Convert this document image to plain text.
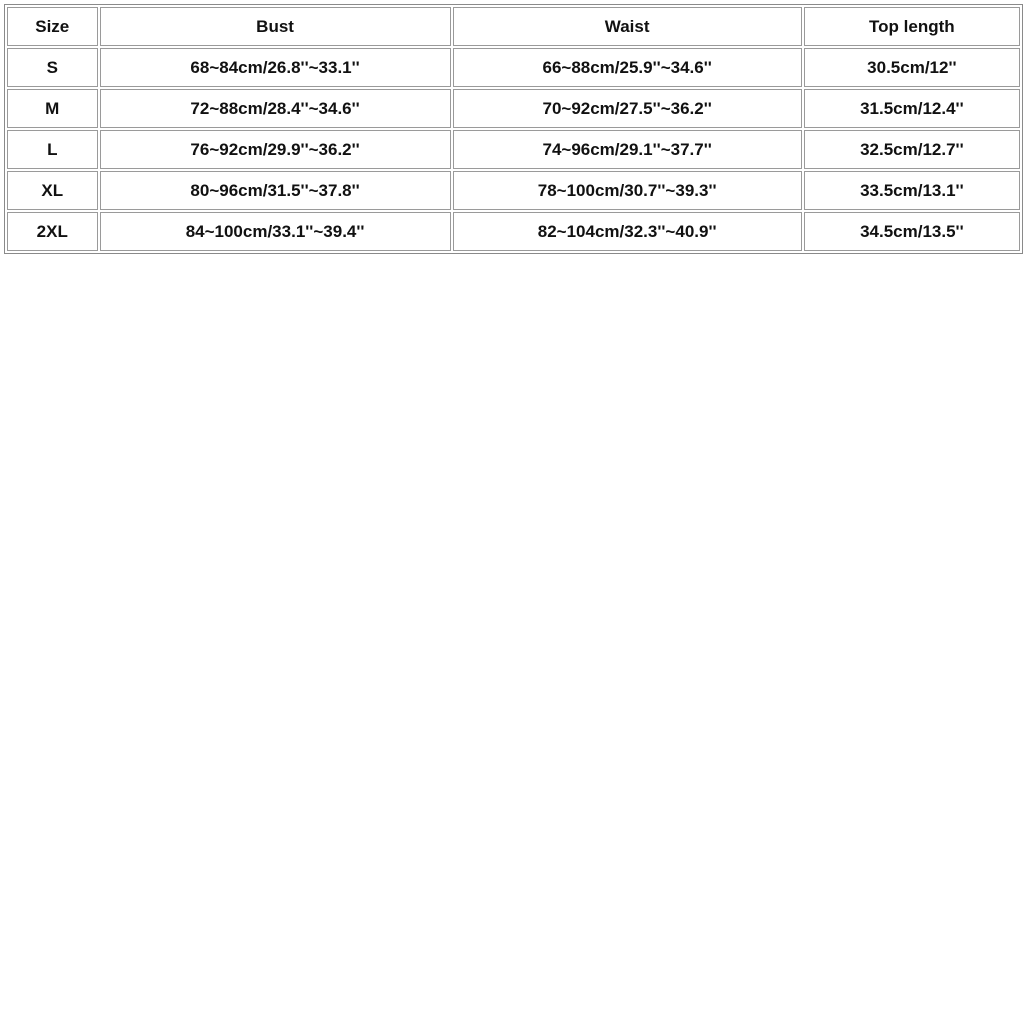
Size	Bust	Waist	Top length
S	68~84cm/26.8''~33.1''	66~88cm/25.9''~34.6''	30.5cm/12''
M	72~88cm/28.4''~34.6''	70~92cm/27.5''~36.2''	31.5cm/12.4''
L	76~92cm/29.9''~36.2''	74~96cm/29.1''~37.7''	32.5cm/12.7''
XL	80~96cm/31.5''~37.8''	78~100cm/30.7''~39.3''	33.5cm/13.1''
2XL	84~100cm/33.1''~39.4''	82~104cm/32.3''~40.9''	34.5cm/13.5''
